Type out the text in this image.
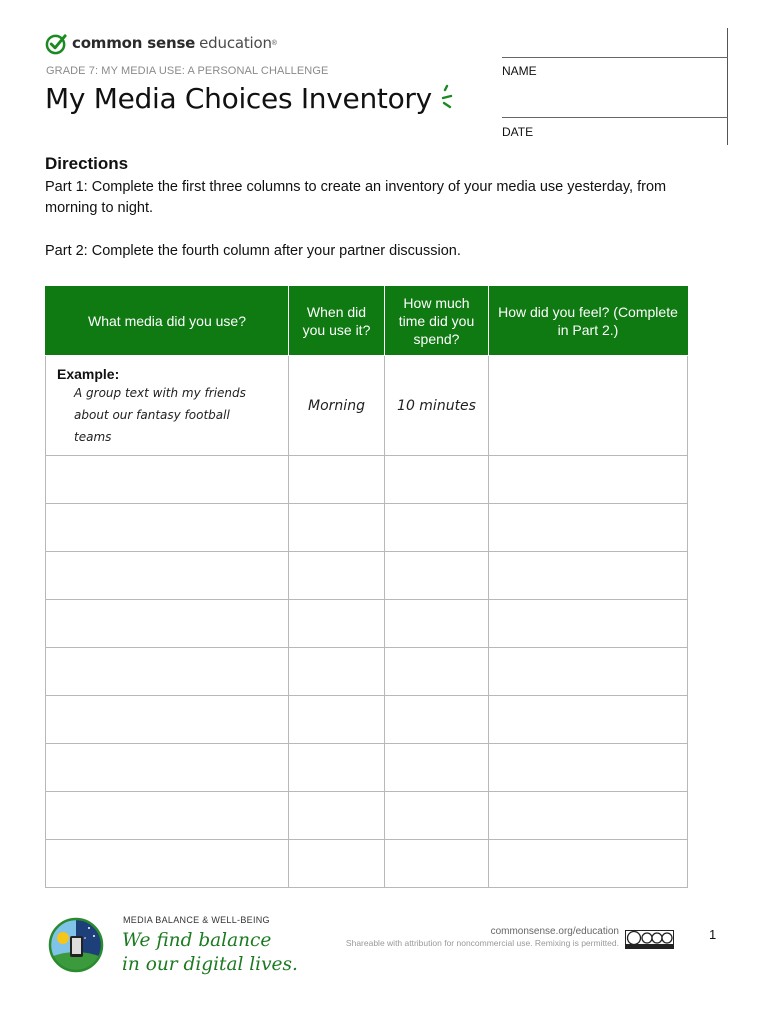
common sense education ®
GRADE 7: MY MEDIA USE: A PERSONAL CHALLENGE
My Media Choices Inventory
NAME
DATE
Directions
Part 1: Complete the first three columns to create an inventory of your media use yesterday, from morning to night.
Part 2: Complete the fourth column after your partner discussion.
What media did you use?	When did you use it?	How much time did you spend?	How did you feel? (Complete in Part 2.)

Example:
A group text with my friends about our fantasy football teams	Morning	10 minutes	

MEDIA BALANCE & WELL-BEING
We find balance
in our digital lives.
commonsense.org/education
Shareable with attribution for noncommercial use. Remixing is permitted.
1
